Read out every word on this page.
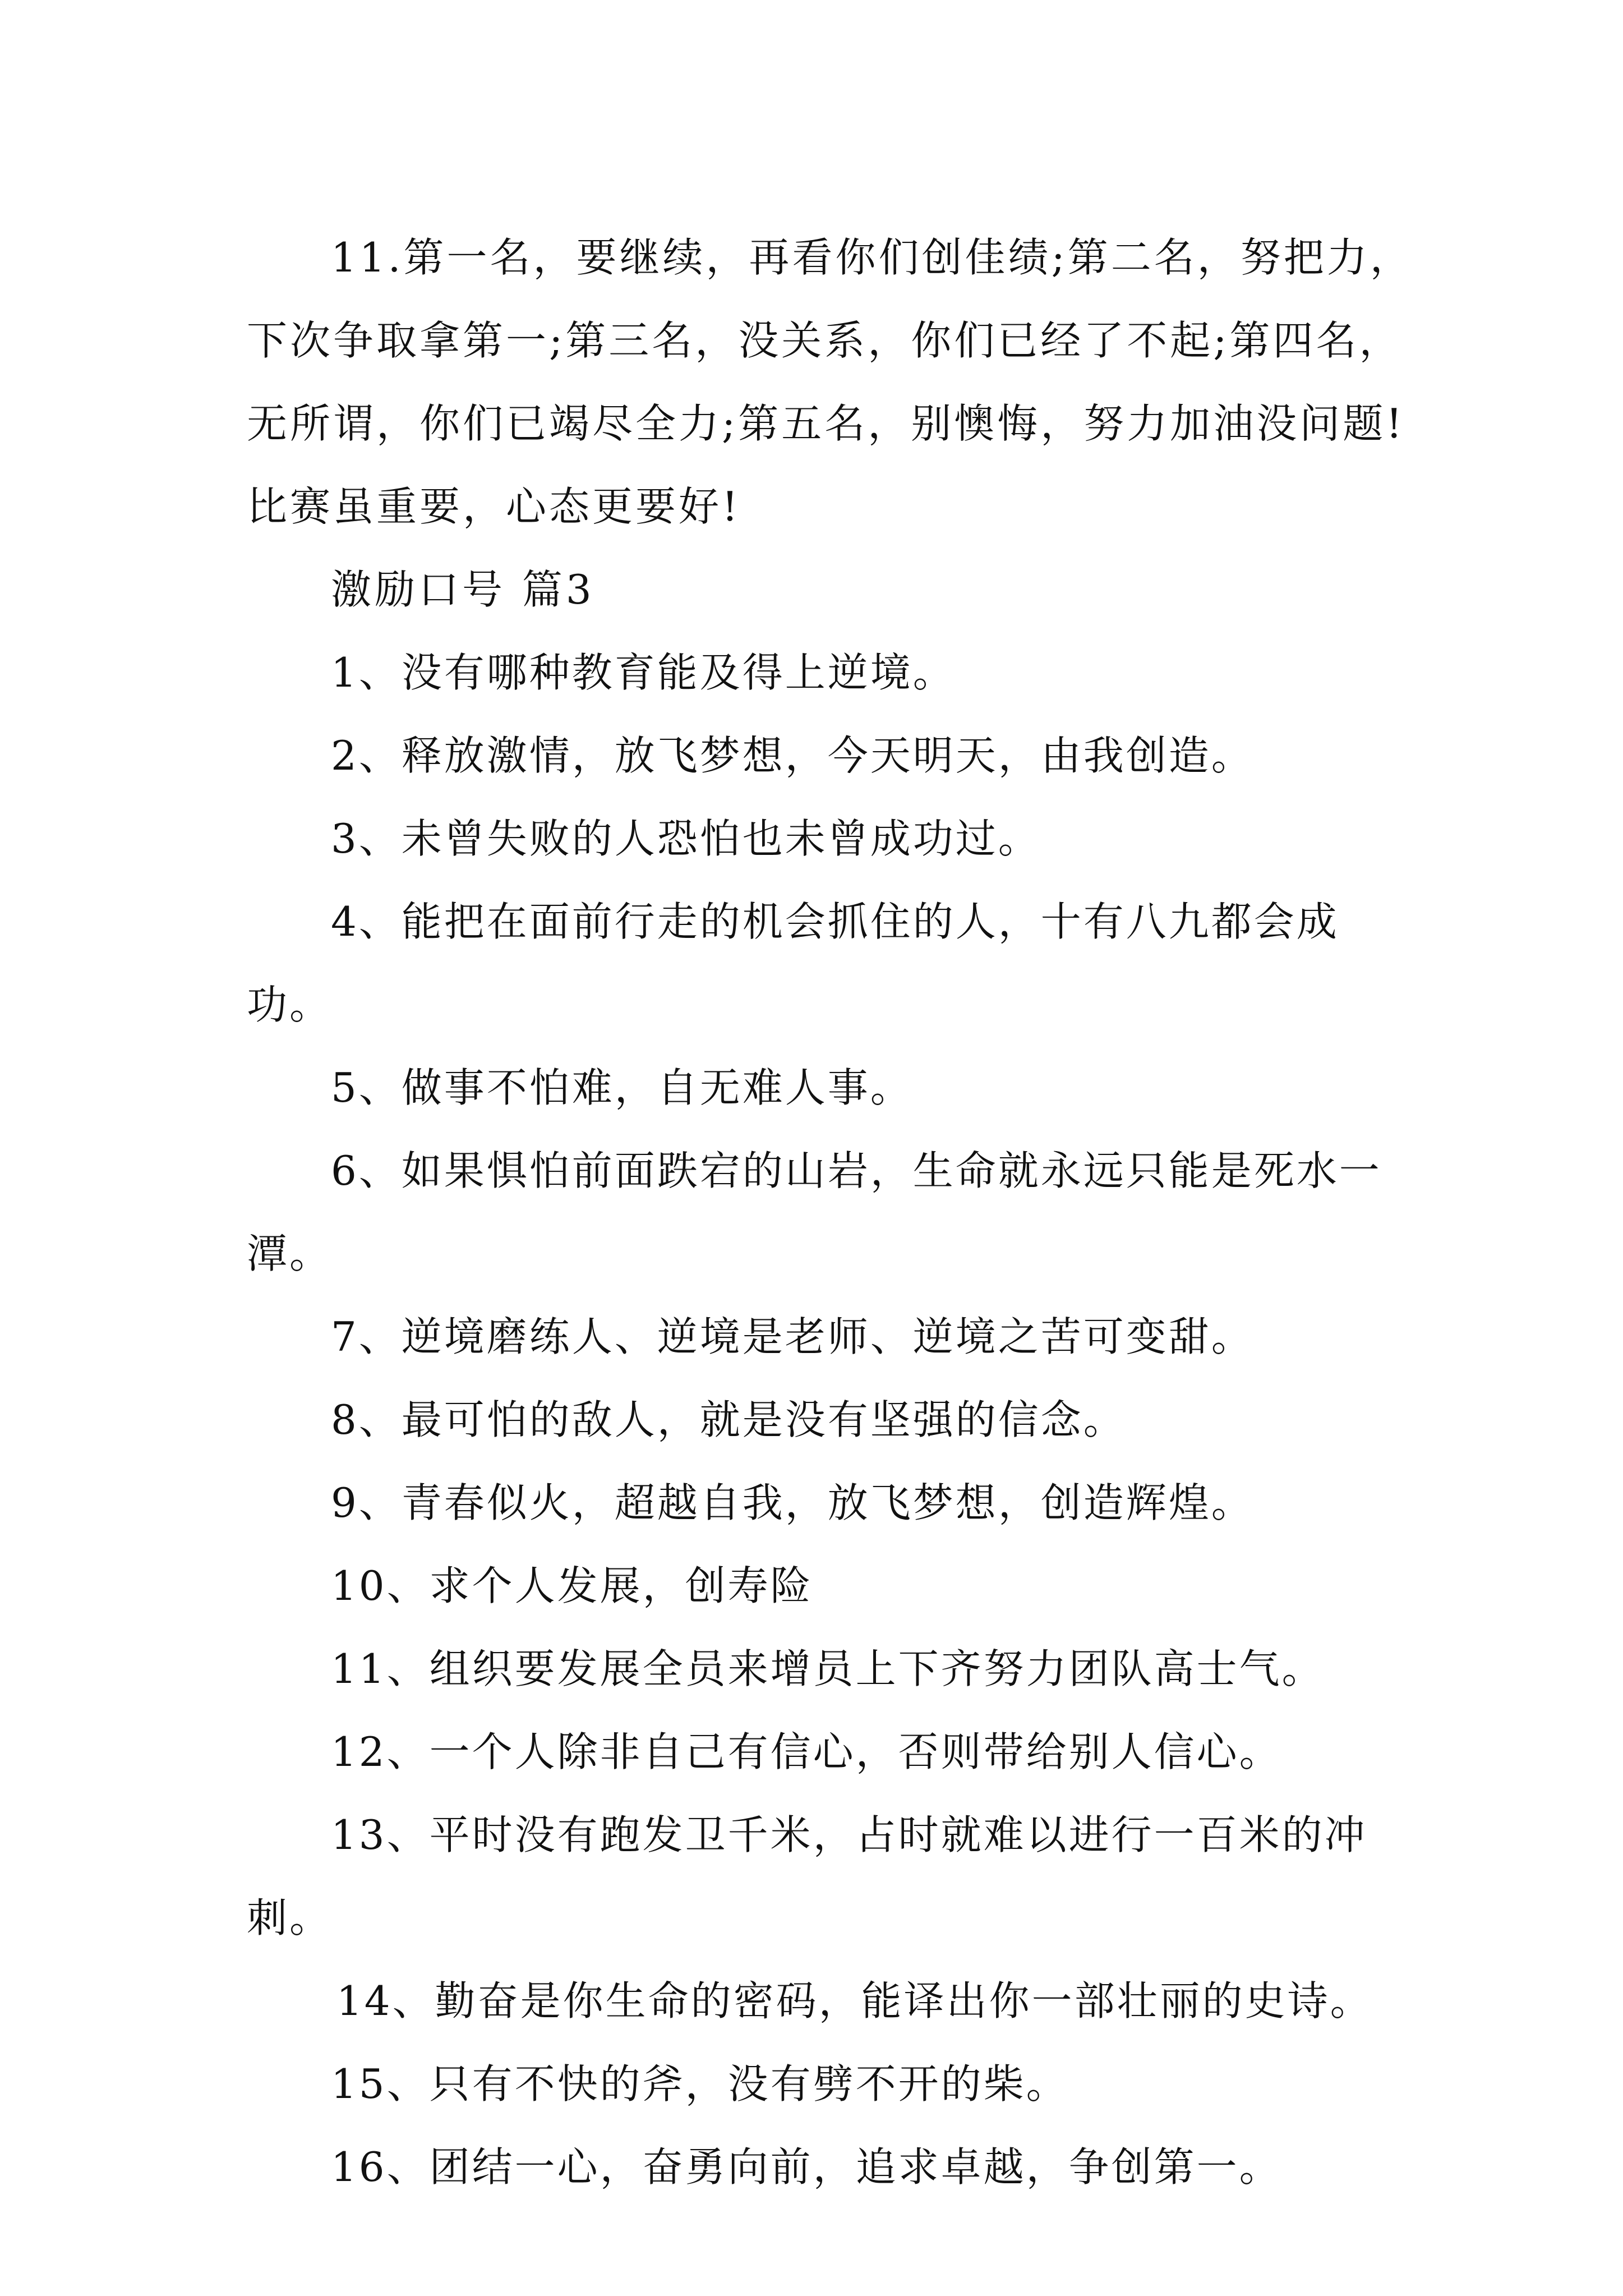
11.第一名，要继续，再看你们创佳绩;第二名，努把力，下次争取拿第一;第三名，没关系，你们已经了不起;第四名，无所谓，你们已竭尽全力;第五名，别懊悔，努力加油没问题!比赛虽重要，心态更要好!

激励口号 篇3

1、没有哪种教育能及得上逆境。

2、释放激情，放飞梦想，今天明天，由我创造。

3、未曾失败的人恐怕也未曾成功过。

4、能把在面前行走的机会抓住的人，十有八九都会成功。

5、做事不怕难，自无难人事。

6、如果惧怕前面跌宕的山岩，生命就永远只能是死水一潭。

7、逆境磨练人、逆境是老师、逆境之苦可变甜。

8、最可怕的敌人，就是没有坚强的信念。

9、青春似火，超越自我，放飞梦想，创造辉煌。

10、求个人发展，创寿险

11、组织要发展全员来增员上下齐努力团队高士气。

12、一个人除非自己有信心，否则带给别人信心。

13、平时没有跑发卫千米，占时就难以进行一百米的冲刺。

14、勤奋是你生命的密码，能译出你一部壮丽的史诗。

15、只有不快的斧，没有劈不开的柴。

16、团结一心，奋勇向前，追求卓越，争创第一。
